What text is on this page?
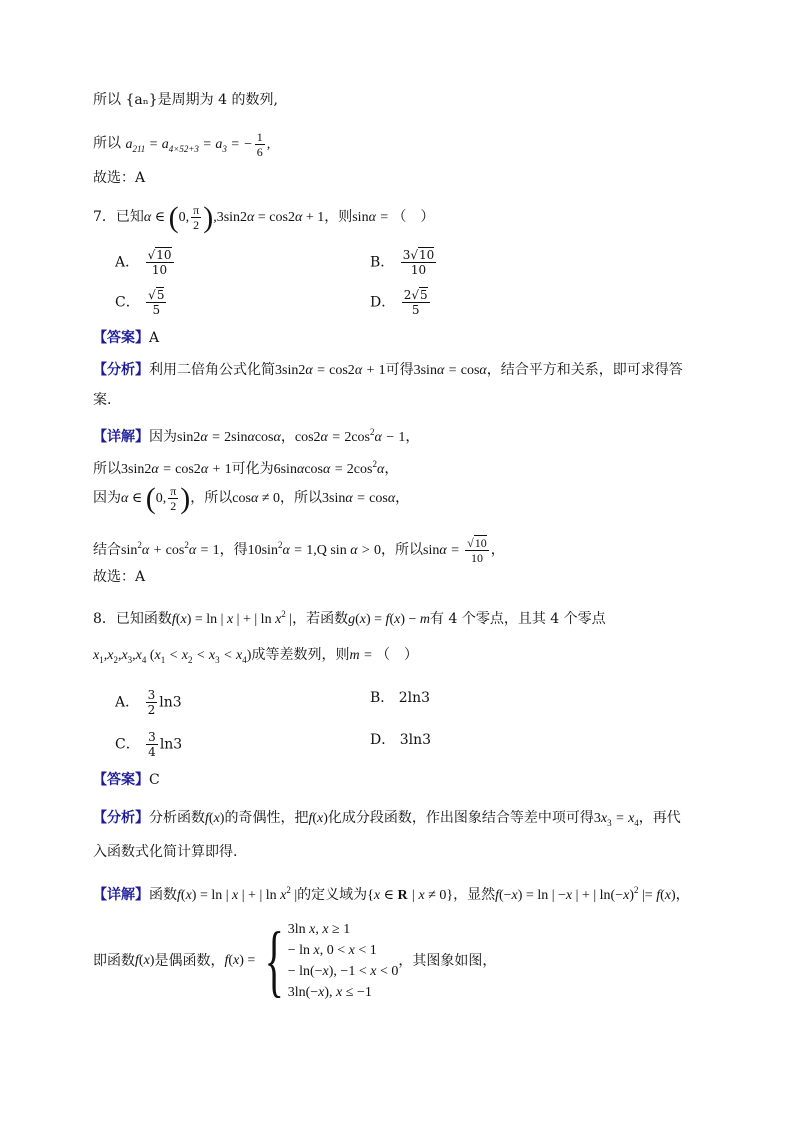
所以 {aₙ}是周期为 4 的数列,
所以 $a_{211} = a_{4\times 52+3} = a_3$ = − $\frac{1}{6}$ ,
故选：A
7．已知α ∈ (0, $\frac{\pi}{2} ),3\sin 2\alpha = \cos 2\alpha + 1$，则sinα = （　）
A． $\frac{√10}{10}$	B． $\frac{3√10}{10}$
C． $\frac{√5}{5}$	D． $\frac{2√5}{5}$
【答案】A
【分析】利用二倍角公式化简3sin2α = cos2α + 1可得3sinα = cosα，结合平方和关系，即可求得答
案.
【详解】因为sin2α = 2sinαcosα，$\cos 2\alpha = 2\cos^2\alpha - 1$，
所以3sin2α = cos2α + 1可化为$6\sin\alpha\cos\alpha = 2\cos^2\alpha$，
因为α ∈ (0, $\frac{\pi}{2}$ )，所以cosα ≠ 0，所以3sinα = cosα，
结合$\sin^2\alpha + \cos^2\alpha = 1$，得$10\sin^2\alpha = 1,Q$ sin α > 0，所以$\sin\alpha = \frac{√10}{10}$ ，
故选：A
8．已知函数f(x) = ln | x | + | $\ln x^2$ |，若函数g(x) = f(x) − m有 4 个零点，且其 4 个零点
$x_1,x_2,x_3,x_4$ $(x_1 < x_2 < x_3 < x_4)$成等差数列，则m = （　）
A． $\frac{3}{2} \ln 3$	B． 2ln3
C． $\frac{3}{4} \ln 3$	D． 3ln3
【答案】C
【分析】分析函数f(x)的奇偶性，把f(x)化成分段函数，作出图象结合等差中项可得$3x_3 = x_4$，再代
入函数式化简计算即得.
【详解】函数f(x) = ln | x | + | $\ln x^2$ |的定义域为{x ∈ R | x ≠ 0}，显然f(−x) = ln | −x | + | $\ln(-x)^2$ |= f(x)，
即函数 f(x) 是偶函数， f ( x ) = { 3ln x, x ≥ 1
− ln x, 0 < x < 1
− ln(−x), −1 < x < 0
3ln(−x), x ≤ −1
，其图象如图，
